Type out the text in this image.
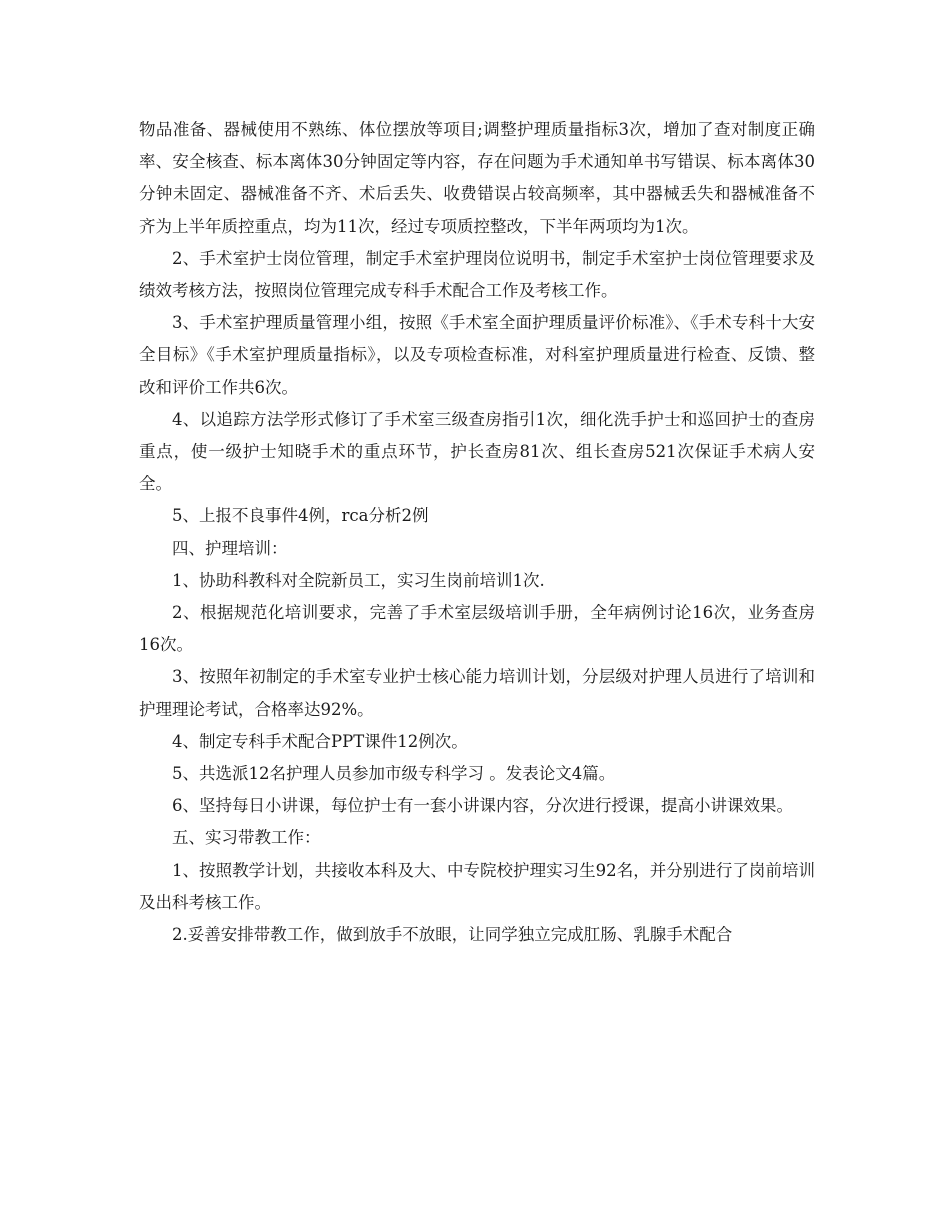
物品准备、器械使用不熟练、体位摆放等项目;调整护理质量指标3次，增加了查对制度正确率、安全核查、标本离体30分钟固定等内容，存在问题为手术通知单书写错误、标本离体30分钟未固定、器械准备不齐、术后丢失、收费错误占较高频率，其中器械丢失和器械准备不齐为上半年质控重点，均为11次，经过专项质控整改，下半年两项均为1次。

2、手术室护士岗位管理，制定手术室护理岗位说明书，制定手术室护士岗位管理要求及绩效考核方法，按照岗位管理完成专科手术配合工作及考核工作。

3、手术室护理质量管理小组，按照《手术室全面护理质量评价标准》、《手术专科十大安全目标》《手术室护理质量指标》，以及专项检查标准，对科室护理质量进行检查、反馈、整改和评价工作共6次。

4、以追踪方法学形式修订了手术室三级查房指引1次，细化洗手护士和巡回护士的查房重点，使一级护士知晓手术的重点环节，护长查房81次、组长查房521次保证手术病人安全。

5、上报不良事件4例，rca分析2例

四、护理培训：

1、协助科教科对全院新员工，实习生岗前培训1次.

2、根据规范化培训要求，完善了手术室层级培训手册，全年病例讨论16次，业务查房16次。

3、按照年初制定的手术室专业护士核心能力培训计划，分层级对护理人员进行了培训和护理理论考试，合格率达92%。

4、制定专科手术配合PPT课件12例次。

5、共选派12名护理人员参加市级专科学习 。发表论文4篇。

6、坚持每日小讲课，每位护士有一套小讲课内容，分次进行授课，提高小讲课效果。

五、实习带教工作：

1、按照教学计划，共接收本科及大、中专院校护理实习生92名，并分别进行了岗前培训及出科考核工作。

2.妥善安排带教工作，做到放手不放眼，让同学独立完成肛肠、乳腺手术配合
